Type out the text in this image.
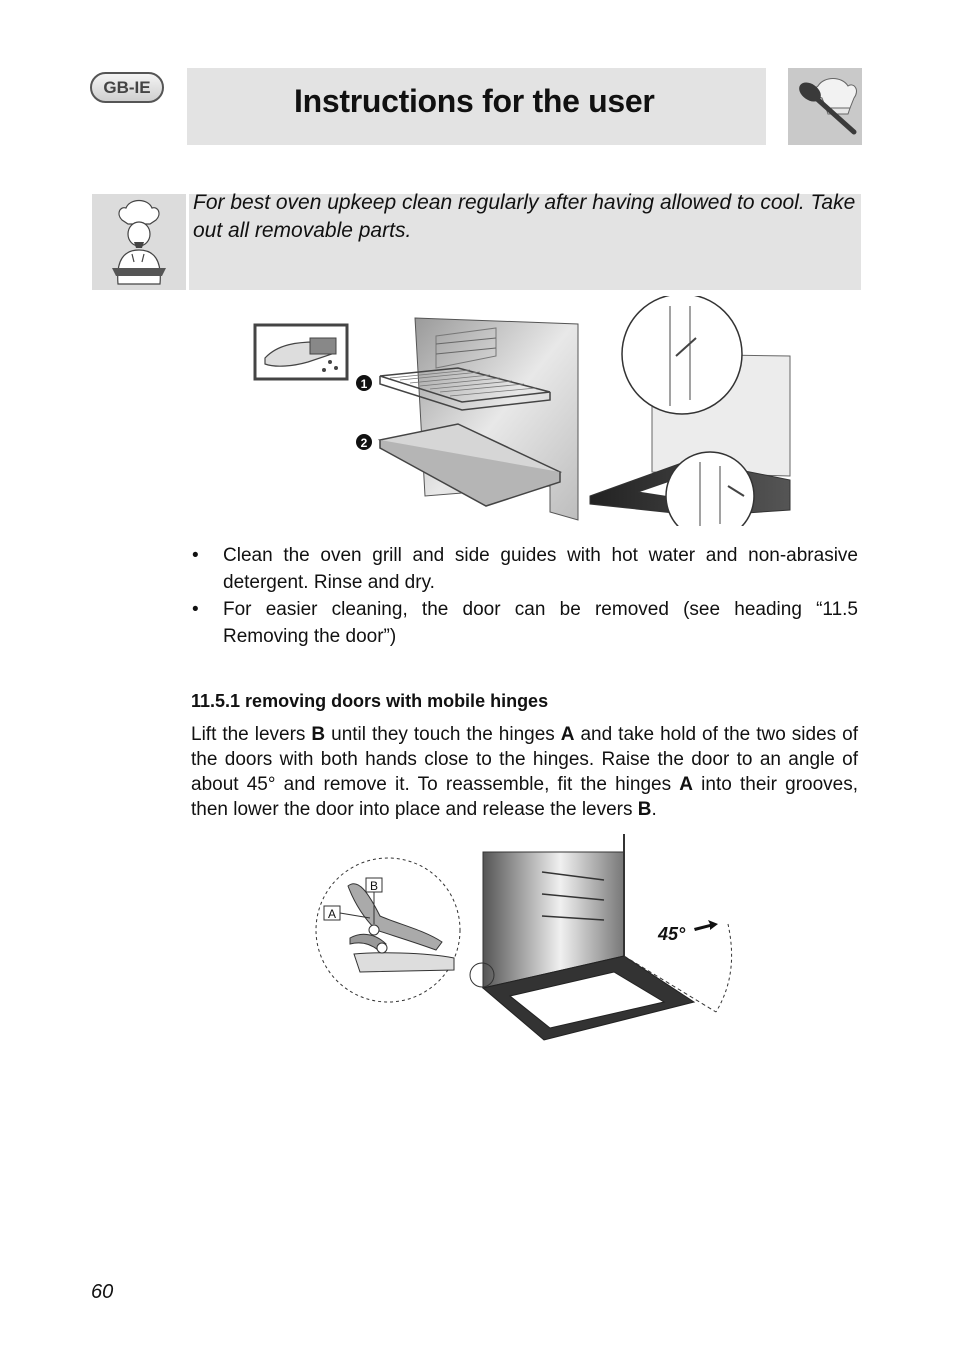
GB-IE	Instructions for the user
For best oven upkeep clean regularly after having allowed to cool. Take out all removable parts.
1
2

• Clean the oven grill and side guides with hot water and non-abrasive detergent. Rinse and dry.

• For easier cleaning, the door can be removed (see heading “11.5 Removing the door”)

11.5.1 removing doors with mobile hinges

Lift the levers B until they touch the hinges A and take hold of the two sides of the doors with both hands close to the hinges. Raise the door to an angle of about 45° and remove it. To reassemble, fit the hinges A into their grooves, then lower the door into place and release the levers B.

45°
A
B
60
